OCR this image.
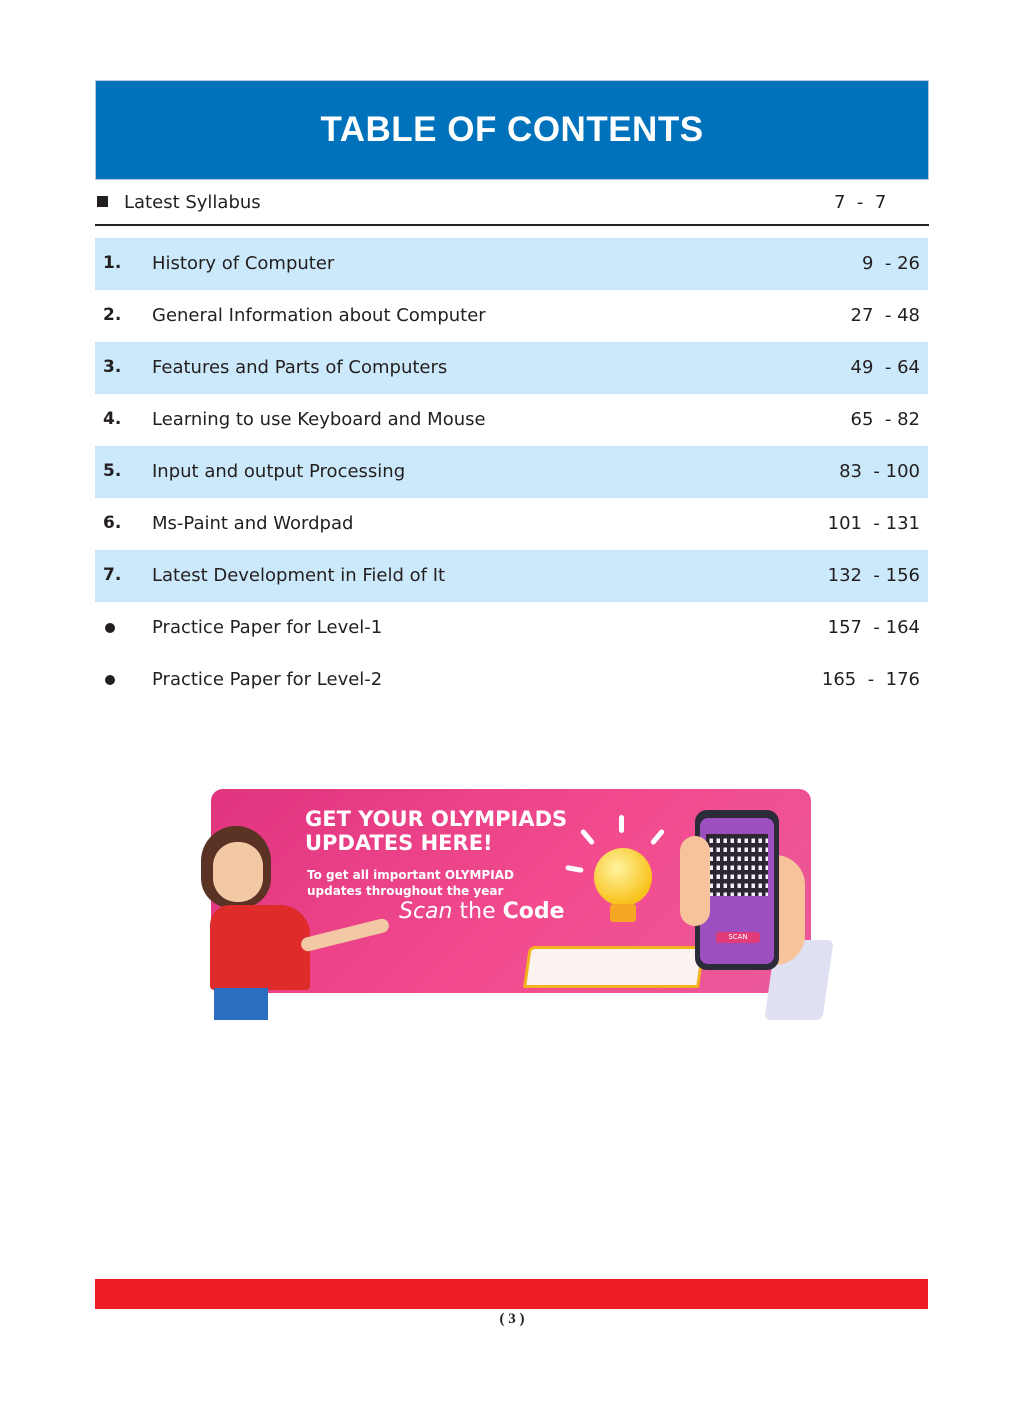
TABLE OF CONTENTS
Latest Syllabus	7  -  7
1. History of Computer	9  - 26
2. General Information about Computer	27  - 48
3. Features and Parts of Computers	49  - 64
4. Learning to use Keyboard and Mouse	65  - 82
5. Input and output Processing	83  - 100
6. Ms-Paint and Wordpad	101  - 131
7. Latest Development in Field of It	132  - 156
Practice Paper for Level-1	157  - 164
Practice Paper for Level-2	165  -  176
GET YOUR OLYMPIADS UPDATES HERE!
To get all important OLYMPIAD updates throughout the year
Scan the Code
SCAN
( 3 )
